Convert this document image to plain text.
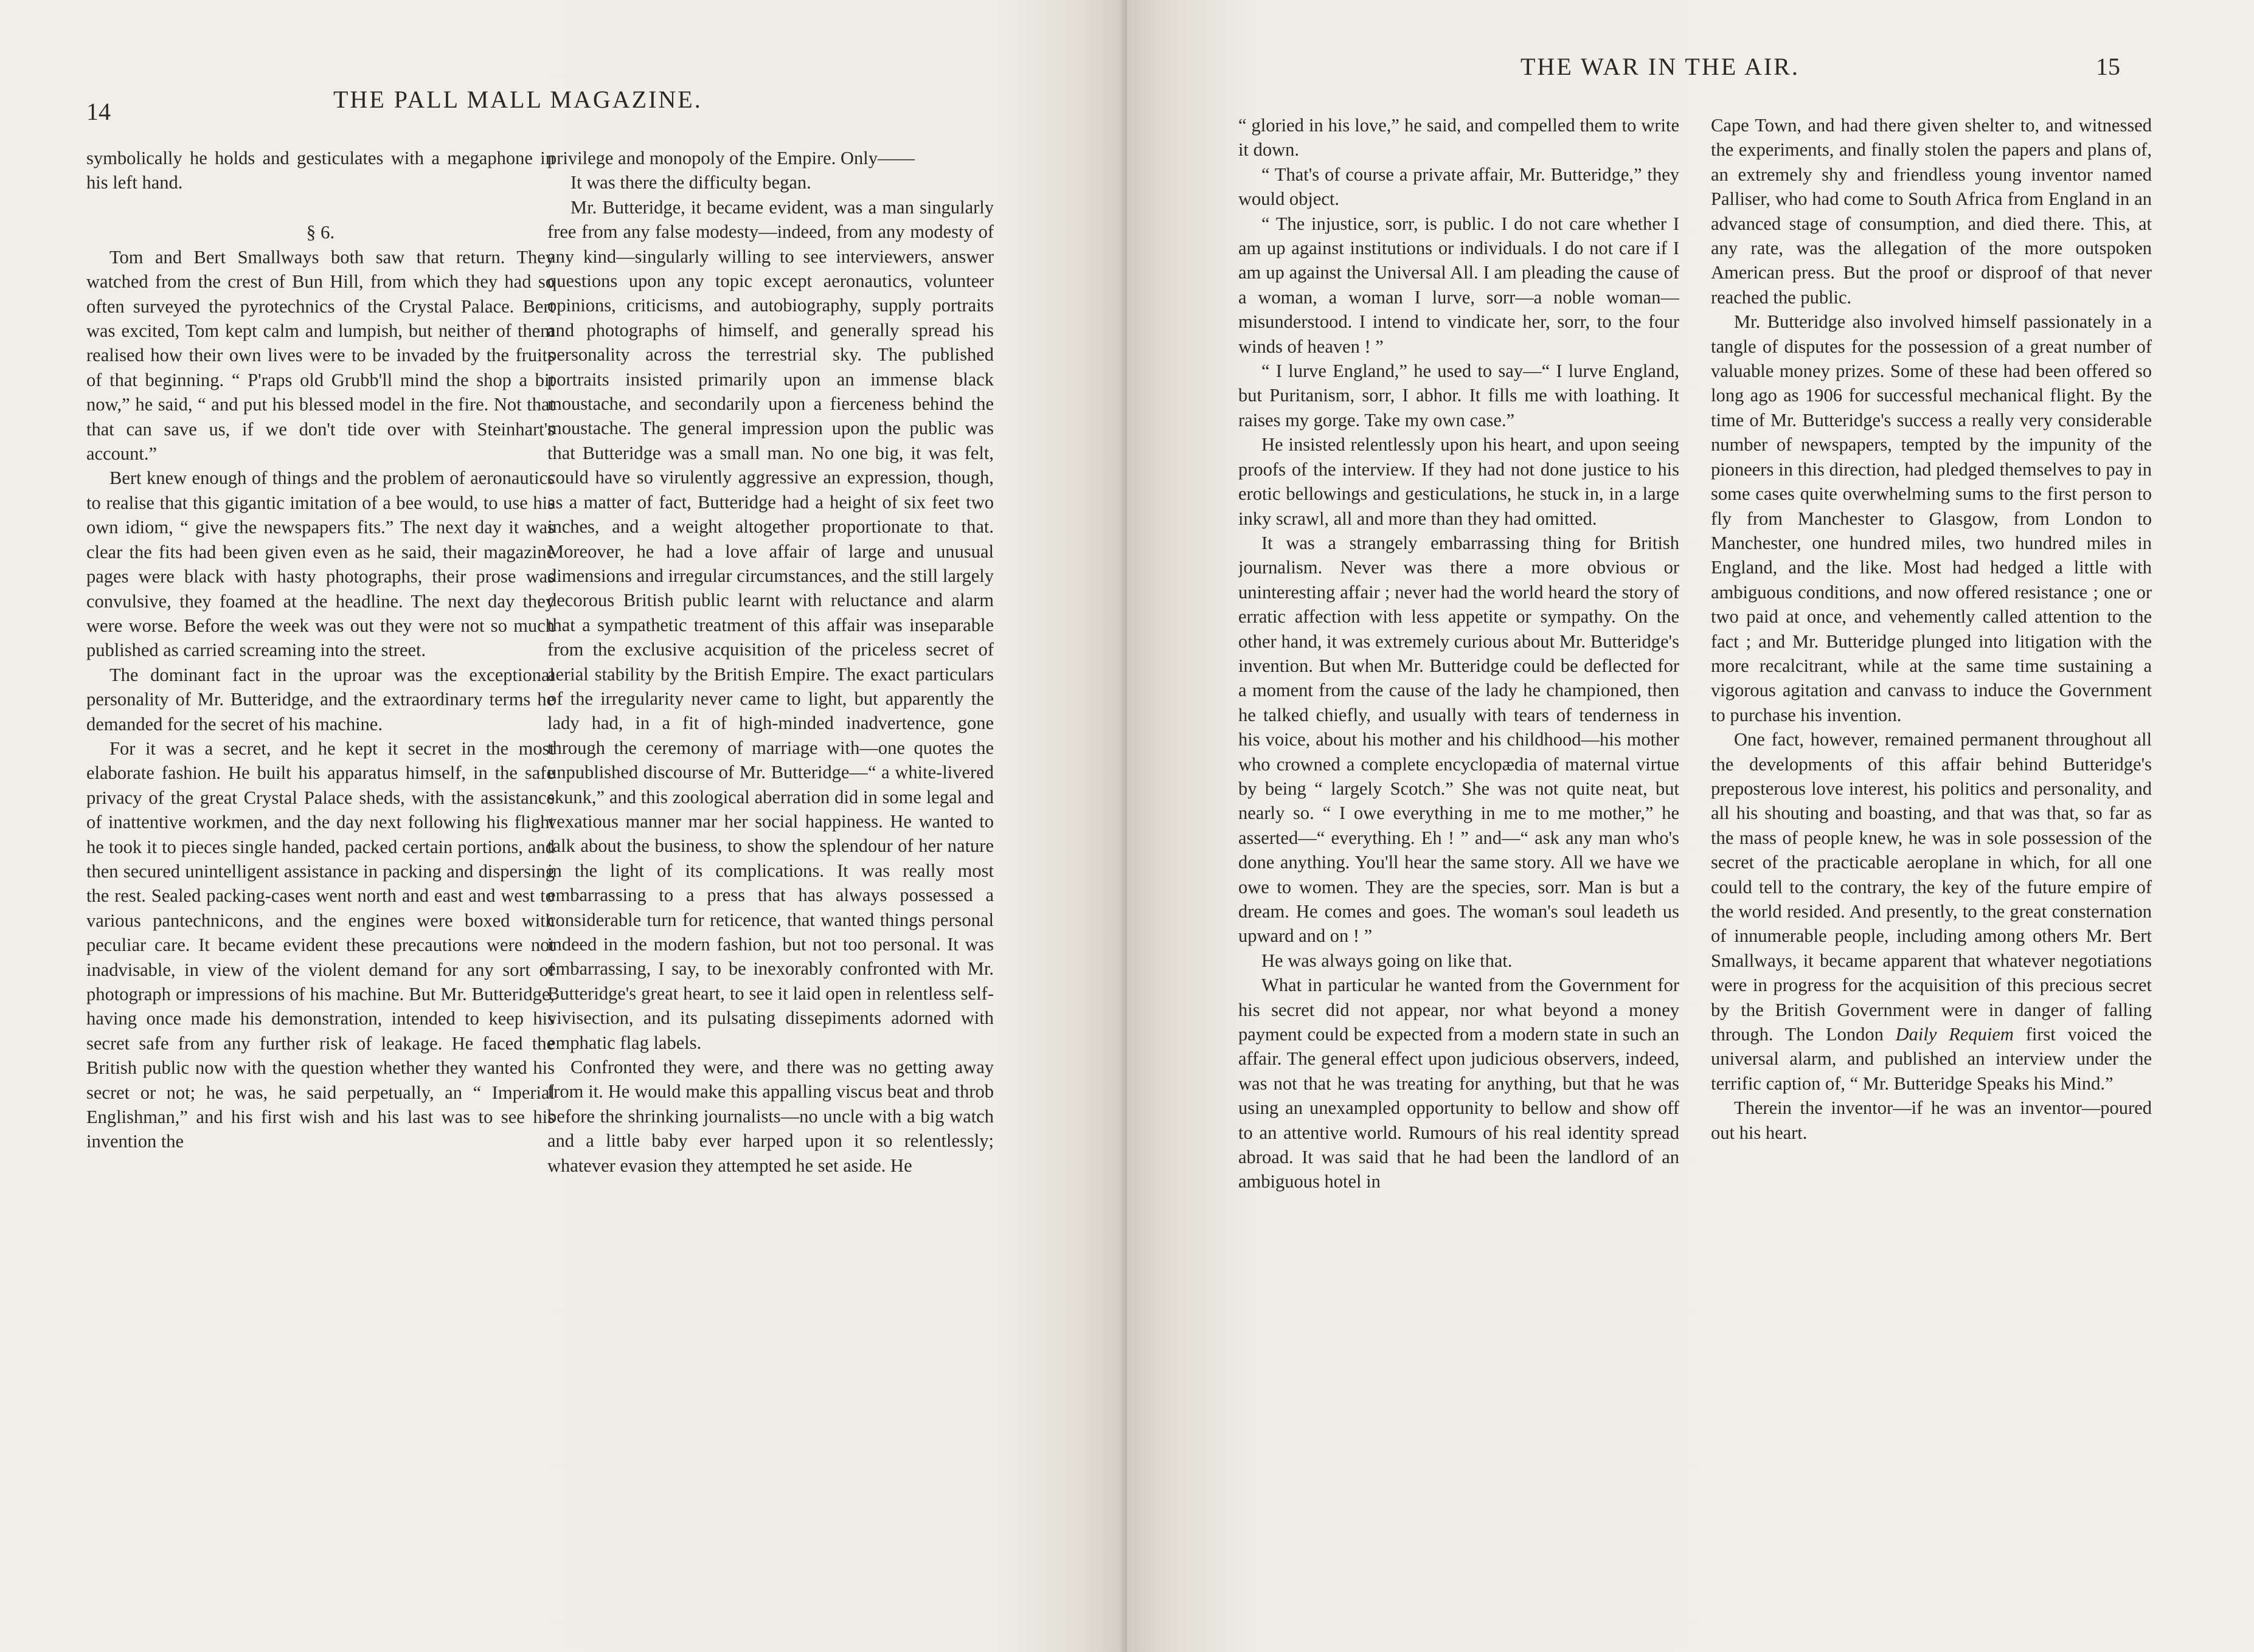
14	THE PALL MALL MAGAZINE.

symbolically he holds and gesticulates with a megaphone in his left hand.

§ 6.

Tom and Bert Smallways both saw that return. They watched from the crest of Bun Hill, from which they had so often surveyed the pyrotechnics of the Crystal Palace. Bert was excited, Tom kept calm and lumpish, but neither of them realised how their own lives were to be invaded by the fruits of that beginning. “ P'raps old Grubb'll mind the shop a bit now,” he said, “ and put his blessed model in the fire. Not that that can save us, if we don't tide over with Steinhart's account.”

Bert knew enough of things and the problem of aeronautics to realise that this gigantic imitation of a bee would, to use his own idiom, “ give the newspapers fits.” The next day it was clear the fits had been given even as he said, their magazine pages were black with hasty photographs, their prose was convulsive, they foamed at the headline. The next day they were worse. Before the week was out they were not so much published as carried screaming into the street.

The dominant fact in the uproar was the exceptional personality of Mr. Butteridge, and the extraordinary terms he demanded for the secret of his machine.

For it was a secret, and he kept it secret in the most elaborate fashion. He built his apparatus himself, in the safe privacy of the great Crystal Palace sheds, with the assistance of inattentive workmen, and the day next following his flight he took it to pieces single handed, packed certain portions, and then secured unintelligent assistance in packing and dispersing the rest. Sealed packing-cases went north and east and west to various pantechnicons, and the engines were boxed with peculiar care. It became evident these precautions were not inadvisable, in view of the violent demand for any sort of photograph or impressions of his machine. But Mr. Butteridge, having once made his demonstration, intended to keep his secret safe from any further risk of leakage. He faced the British public now with the question whether they wanted his secret or not; he was, he said perpetually, an “ Imperial Englishman,” and his first wish and his last was to see his invention the

privilege and monopoly of the Empire. Only——

It was there the difficulty began.

Mr. Butteridge, it became evident, was a man singularly free from any false modesty—indeed, from any modesty of any kind—singularly willing to see interviewers, answer questions upon any topic except aeronautics, volunteer opinions, criticisms, and autobiography, supply portraits and photographs of himself, and generally spread his personality across the terrestrial sky. The published portraits insisted primarily upon an immense black moustache, and secondarily upon a fierceness behind the moustache. The general impression upon the public was that Butteridge was a small man. No one big, it was felt, could have so virulently aggressive an expression, though, as a matter of fact, Butteridge had a height of six feet two inches, and a weight altogether proportionate to that. Moreover, he had a love affair of large and unusual dimensions and irregular circumstances, and the still largely decorous British public learnt with reluctance and alarm that a sympathetic treatment of this affair was inseparable from the exclusive acquisition of the priceless secret of aerial stability by the British Empire. The exact particulars of the irregularity never came to light, but apparently the lady had, in a fit of high-minded inadvertence, gone through the ceremony of marriage with—one quotes the unpublished discourse of Mr. Butteridge—“ a white-livered skunk,” and this zoological aberration did in some legal and vexatious manner mar her social happiness. He wanted to talk about the business, to show the splendour of her nature in the light of its complications. It was really most embarrassing to a press that has always possessed a considerable turn for reticence, that wanted things personal indeed in the modern fashion, but not too personal. It was embarrassing, I say, to be inexorably confronted with Mr. Butteridge's great heart, to see it laid open in relentless self-vivisection, and its pulsating dissepiments adorned with emphatic flag labels.

Confronted they were, and there was no getting away from it. He would make this appalling viscus beat and throb before the shrinking journalists—no uncle with a big watch and a little baby ever harped upon it so relentlessly; whatever evasion they attempted he set aside. He

THE WAR IN THE AIR.	15

“ gloried in his love,” he said, and compelled them to write it down.

“ That's of course a private affair, Mr. Butteridge,” they would object.

“ The injustice, sorr, is public. I do not care whether I am up against institutions or individuals. I do not care if I am up against the Universal All. I am pleading the cause of a woman, a woman I lurve, sorr—a noble woman—misunderstood. I intend to vindicate her, sorr, to the four winds of heaven ! ”

“ I lurve England,” he used to say—“ I lurve England, but Puritanism, sorr, I abhor. It fills me with loathing. It raises my gorge. Take my own case.”

He insisted relentlessly upon his heart, and upon seeing proofs of the interview. If they had not done justice to his erotic bellowings and gesticulations, he stuck in, in a large inky scrawl, all and more than they had omitted.

It was a strangely embarrassing thing for British journalism. Never was there a more obvious or uninteresting affair ; never had the world heard the story of erratic affection with less appetite or sympathy. On the other hand, it was extremely curious about Mr. Butteridge's invention. But when Mr. Butteridge could be deflected for a moment from the cause of the lady he championed, then he talked chiefly, and usually with tears of tenderness in his voice, about his mother and his childhood—his mother who crowned a complete encyclopædia of maternal virtue by being “ largely Scotch.” She was not quite neat, but nearly so. “ I owe everything in me to me mother,” he asserted—“ everything. Eh ! ” and—“ ask any man who's done anything. You'll hear the same story. All we have we owe to women. They are the species, sorr. Man is but a dream. He comes and goes. The woman's soul leadeth us upward and on ! ”

He was always going on like that.

What in particular he wanted from the Government for his secret did not appear, nor what beyond a money payment could be expected from a modern state in such an affair. The general effect upon judicious observers, indeed, was not that he was treating for anything, but that he was using an unexampled opportunity to bellow and show off to an attentive world. Rumours of his real identity spread abroad. It was said that he had been the landlord of an ambiguous hotel in

Cape Town, and had there given shelter to, and witnessed the experiments, and finally stolen the papers and plans of, an extremely shy and friendless young inventor named Palliser, who had come to South Africa from England in an advanced stage of consumption, and died there. This, at any rate, was the allegation of the more outspoken American press. But the proof or disproof of that never reached the public.

Mr. Butteridge also involved himself passionately in a tangle of disputes for the possession of a great number of valuable money prizes. Some of these had been offered so long ago as 1906 for successful mechanical flight. By the time of Mr. Butteridge's success a really very considerable number of newspapers, tempted by the impunity of the pioneers in this direction, had pledged themselves to pay in some cases quite overwhelming sums to the first person to fly from Manchester to Glasgow, from London to Manchester, one hundred miles, two hundred miles in England, and the like. Most had hedged a little with ambiguous conditions, and now offered resistance ; one or two paid at once, and vehemently called attention to the fact ; and Mr. Butteridge plunged into litigation with the more recalcitrant, while at the same time sustaining a vigorous agitation and canvass to induce the Government to purchase his invention.

One fact, however, remained permanent throughout all the developments of this affair behind Butteridge's preposterous love interest, his politics and personality, and all his shouting and boasting, and that was that, so far as the mass of people knew, he was in sole possession of the secret of the practicable aeroplane in which, for all one could tell to the contrary, the key of the future empire of the world resided. And presently, to the great consternation of innumerable people, including among others Mr. Bert Smallways, it became apparent that whatever negotiations were in progress for the acquisition of this precious secret by the British Government were in danger of falling through. The London Daily Requiem first voiced the universal alarm, and published an interview under the terrific caption of, “ Mr. Butteridge Speaks his Mind.”

Therein the inventor—if he was an inventor—poured out his heart.
